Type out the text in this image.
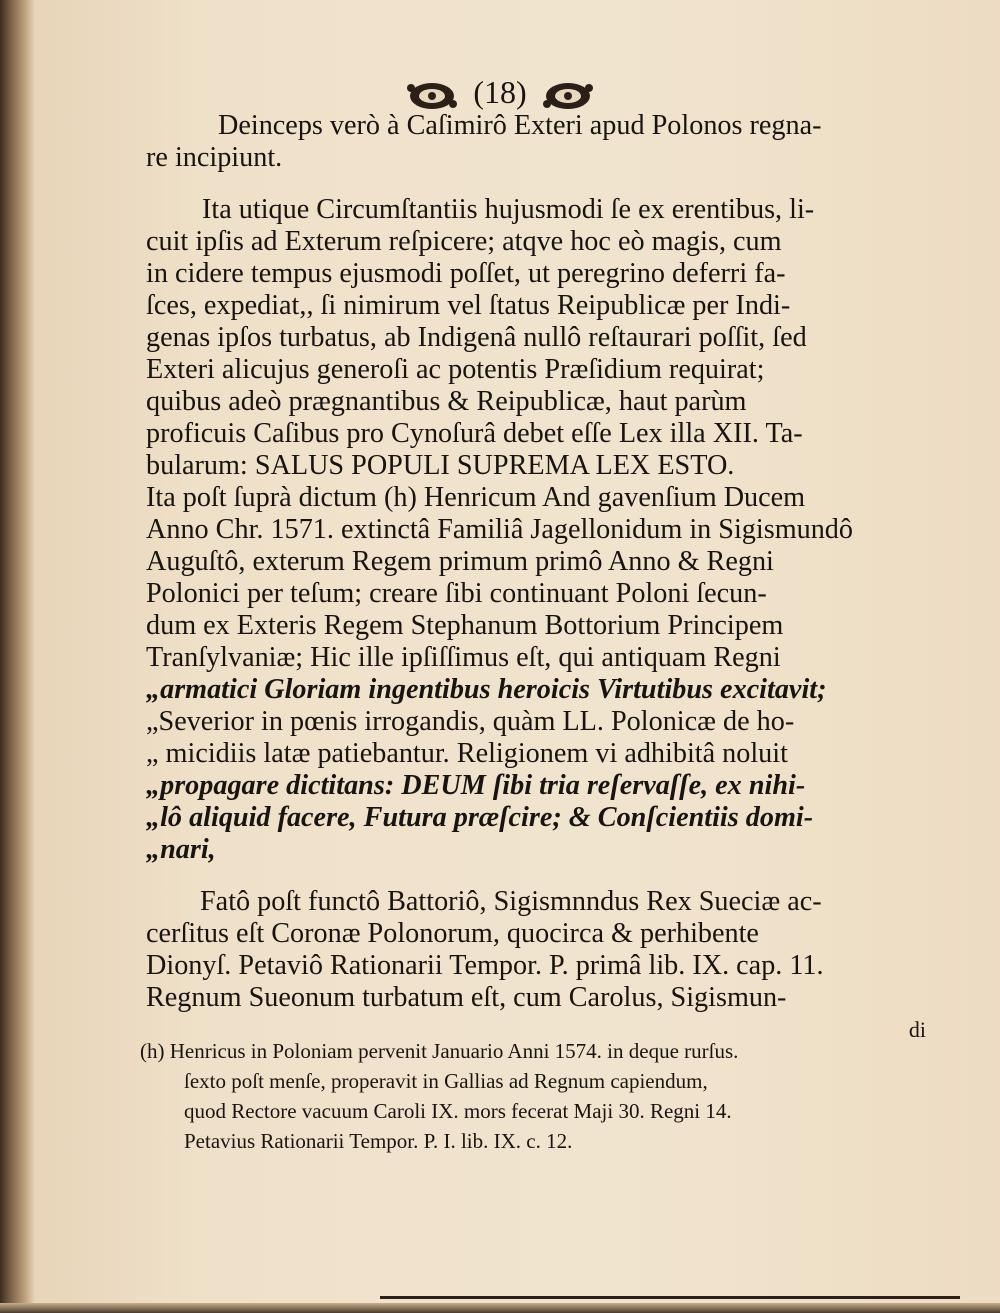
(18)
Deinceps verò à Caſimirô Exteri apud Polonos regna-
re incipiunt.
Ita utique Circumſtantiis hujusmodi ſe ex erentibus, li-
cuit ipſis ad Exterum reſpicere; atqve hoc eò magis, cum
in cidere tempus ejusmodi poſſet, ut peregrino deferri fa-
ſces, expediat,, ſi nimirum vel ſtatus Reipublicæ per Indi-
genas ipſos turbatus, ab Indigenâ nullô reſtaurari poſſit, ſed
Exteri alicujus generoſi ac potentis Præſidium requirat;
quibus adeò prægnantibus & Reipublicæ, haut parùm
proficuis Caſibus pro Cynoſurâ debet eſſe Lex illa XII. Ta-
bularum: SALUS POPULI SUPREMA LEX ESTO.
Ita poſt ſuprà dictum (h) Henricum And gavenſium Ducem
Anno Chr. 1571. extinctâ Familiâ Jagellonidum in Sigismundô
Auguſtô, exterum Regem primum primô Anno & Regni
Polonici per teſum; creare ſibi continuant Poloni ſecun-
dum ex Exteris Regem Stephanum Bottorium Principem
Tranſylvaniæ; Hic ille ipſiſſimus eſt, qui antiquam Regni
„armatici Gloriam ingentibus heroicis Virtutibus excitavit;
„Severior in pœnis irrogandis, quàm LL. Polonicæ de ho-
„ micidiis latæ patiebantur. Religionem vi adhibitâ noluit
„propagare dictitans: DEUM ſibi tria reſervaſſe, ex nihi-
„lô aliquid facere, Futura præſcire; & Conſcientiis domi-
„nari,
Fatô poſt functô Battoriô, Sigismnndus Rex Sueciæ ac-
cerſitus eſt Coronæ Polonorum, quocirca & perhibente
Dionyſ. Petaviô Rationarii Tempor. P. primâ lib. IX. cap. 11.
Regnum Sueonum turbatum eſt, cum Carolus, Sigismun-
di
(h) Henricus in Poloniam pervenit Januario Anni 1574. in deque rurſus.
ſexto poſt menſe, properavit in Gallias ad Regnum capiendum,
quod Rectore vacuum Caroli IX. mors fecerat Maji 30. Regni 14.
Petavius Rationarii Tempor. P. I. lib. IX. c. 12.
